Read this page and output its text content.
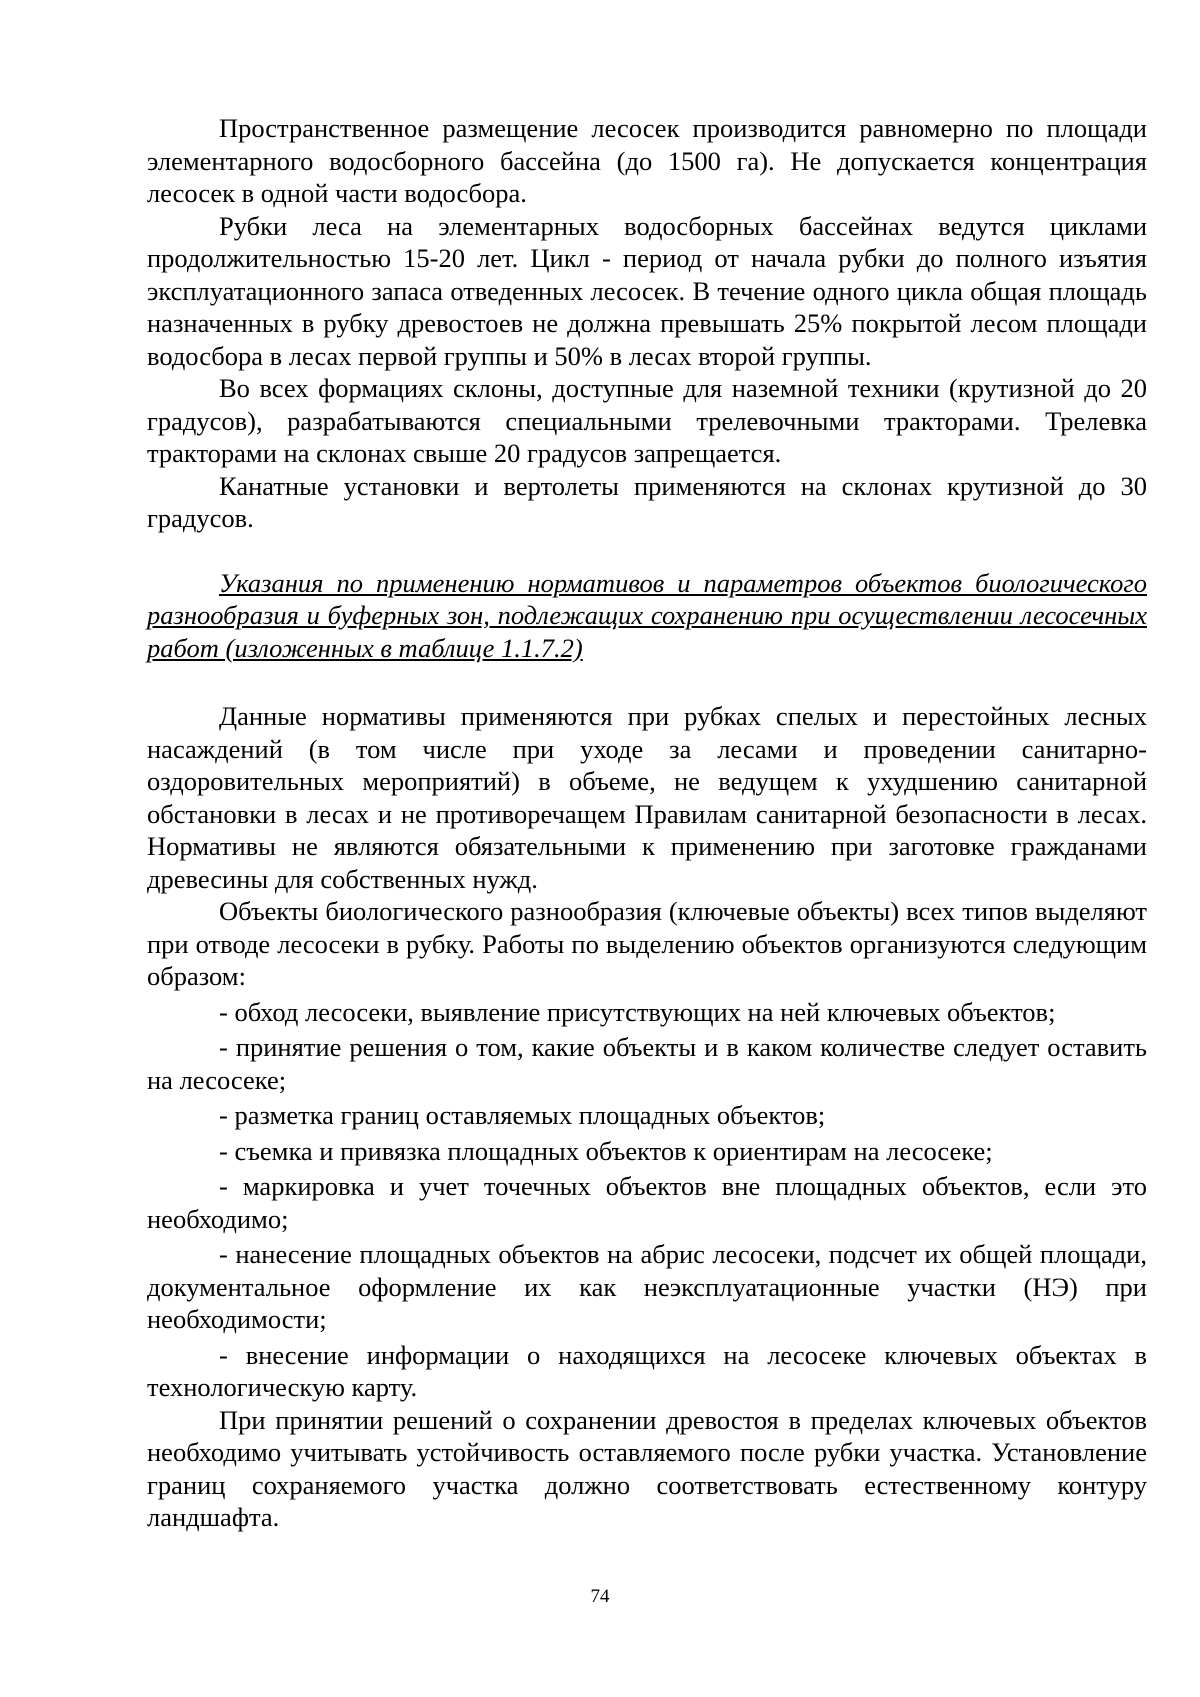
Пространственное размещение лесосек производится равномерно по площади элементарного водосборного бассейна (до 1500 га). Не допускается концентрация лесосек в одной части водосбора.

Рубки леса на элементарных водосборных бассейнах ведутся циклами продолжительностью 15-20 лет. Цикл - период от начала рубки до полного изъятия эксплуатационного запаса отведенных лесосек. В течение одного цикла общая площадь назначенных в рубку древостоев не должна превышать 25% покрытой лесом площади водосбора в лесах первой группы и 50% в лесах второй группы.

Во всех формациях склоны, доступные для наземной техники (крутизной до 20 градусов), разрабатываются специальными трелевочными тракторами. Трелевка тракторами на склонах свыше 20 градусов запрещается.

Канатные установки и вертолеты применяются на склонах крутизной до 30 градусов.

Указания по применению нормативов и параметров объектов биологического разнообразия и буферных зон, подлежащих сохранению при осуществлении лесосечных работ (изложенных в таблице 1.1.7.2)

Данные нормативы применяются при рубках спелых и перестойных лесных насаждений (в том числе при уходе за лесами и проведении санитарно-оздоровительных мероприятий) в объеме, не ведущем к ухудшению санитарной обстановки в лесах и не противоречащем Правилам санитарной безопасности в лесах. Нормативы не являются обязательными к применению при заготовке гражданами древесины для собственных нужд.

Объекты биологического разнообразия (ключевые объекты) всех типов выделяют при отводе лесосеки в рубку. Работы по выделению объектов организуются следующим образом:

- обход лесосеки, выявление присутствующих на ней ключевых объектов;

- принятие решения о том, какие объекты и в каком количестве следует оставить на лесосеке;

- разметка границ оставляемых площадных объектов;

- съемка и привязка площадных объектов к ориентирам на лесосеке;

- маркировка и учет точечных объектов вне площадных объектов, если это необходимо;

- нанесение площадных объектов на абрис лесосеки, подсчет их общей площади, документальное оформление их как неэксплуатационные участки (НЭ) при необходимости;

- внесение информации о находящихся на лесосеке ключевых объектах в технологическую карту.

При принятии решений о сохранении древостоя в пределах ключевых объектов необходимо учитывать устойчивость оставляемого после рубки участка. Установление границ сохраняемого участка должно соответствовать естественному контуру ландшафта.

74
